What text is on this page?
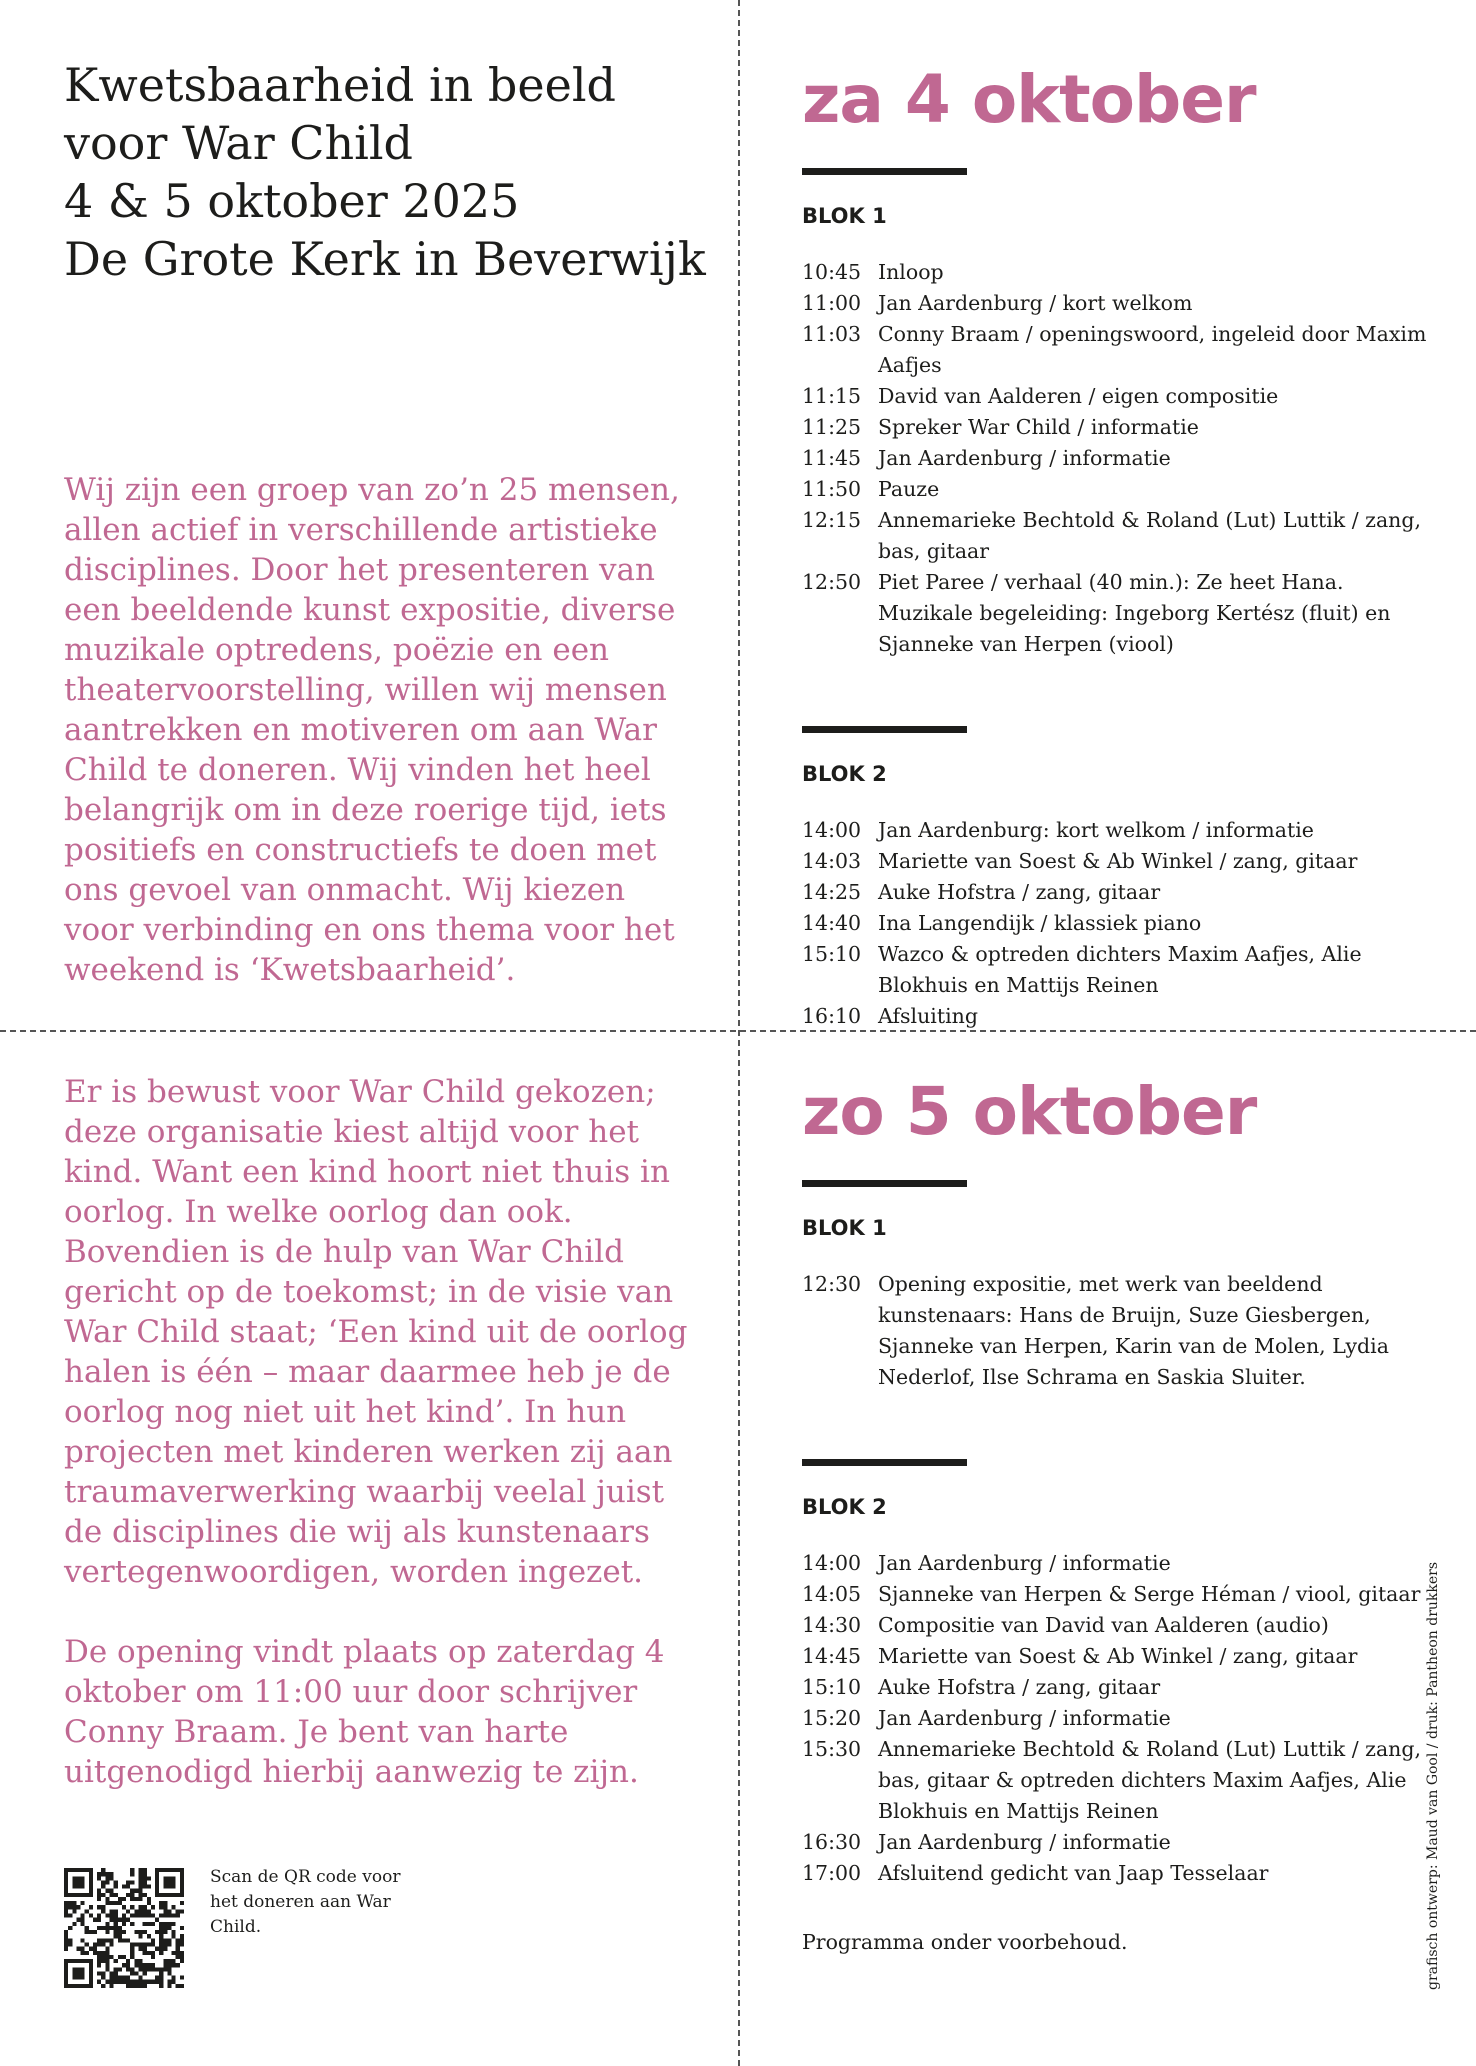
Kwetsbaarheid in beeld
voor War Child
4 & 5 oktober 2025
De Grote Kerk in Beverwijk

Wij zijn een groep van zo’n 25 mensen, allen actief in verschillende artistieke disciplines. Door het presenteren van een beeldende kunst expositie, diverse muzikale optredens, poëzie en een theatervoorstelling, willen wij mensen aantrekken en motiveren om aan War Child te doneren. Wij vinden het heel belangrijk om in deze roerige tijd, iets positiefs en constructiefs te doen met ons gevoel van onmacht. Wij kiezen voor verbinding en ons thema voor het weekend is ‘Kwetsbaarheid’.

Er is bewust voor War Child gekozen; deze organisatie kiest altijd voor het kind. Want een kind hoort niet thuis in oorlog. In welke oorlog dan ook. Bovendien is de hulp van War Child gericht op de toekomst; in de visie van War Child staat; ‘Een kind uit de oorlog halen is één – maar daarmee heb je de oorlog nog niet uit het kind’. In hun projecten met kinderen werken zij aan traumaverwerking waarbij veelal juist de disciplines die wij als kunstenaars vertegenwoordigen, worden ingezet.

De opening vindt plaats op zaterdag 4 oktober om 11:00 uur door schrijver Conny Braam. Je bent van harte uitgenodigd hierbij aanwezig te zijn.

Scan de QR code voor het doneren aan War Child.
za 4 oktober
BLOK 1
10:45 Inloop
11:00 Jan Aardenburg / kort welkom
11:03 Conny Braam / openingswoord, ingeleid door Maxim Aafjes
11:15 David van Aalderen / eigen compositie
11:25 Spreker War Child / informatie
11:45 Jan Aardenburg / informatie
11:50 Pauze
12:15 Annemarieke Bechtold & Roland (Lut) Luttik / zang, bas, gitaar
12:50 Piet Paree / verhaal (40 min.): Ze heet Hana. Muzikale begeleiding: Ingeborg Kertész (fluit) en Sjanneke van Herpen (viool)
BLOK 2
14:00 Jan Aardenburg: kort welkom / informatie
14:03 Mariette van Soest & Ab Winkel / zang, gitaar
14:25 Auke Hofstra / zang, gitaar
14:40 Ina Langendijk / klassiek piano
15:10 Wazco & optreden dichters Maxim Aafjes, Alie Blokhuis en Mattijs Reinen
16:10 Afsluiting
zo 5 oktober
BLOK 1
12:30 Opening expositie, met werk van beeldend kunstenaars: Hans de Bruijn, Suze Giesbergen, Sjanneke van Herpen, Karin van de Molen, Lydia Nederlof, Ilse Schrama en Saskia Sluiter.
BLOK 2
14:00 Jan Aardenburg / informatie
14:05 Sjanneke van Herpen & Serge Héman / viool, gitaar
14:30 Compositie van David van Aalderen (audio)
14:45 Mariette van Soest & Ab Winkel / zang, gitaar
15:10 Auke Hofstra / zang, gitaar
15:20 Jan Aardenburg / informatie
15:30 Annemarieke Bechtold & Roland (Lut) Luttik / zang, bas, gitaar & optreden dichters Maxim Aafjes, Alie Blokhuis en Mattijs Reinen
16:30 Jan Aardenburg / informatie
17:00 Afsluitend gedicht van Jaap Tesselaar
Programma onder voorbehoud.	grafisch ontwerp: Maud van Gool / druk: Pantheon drukkers
